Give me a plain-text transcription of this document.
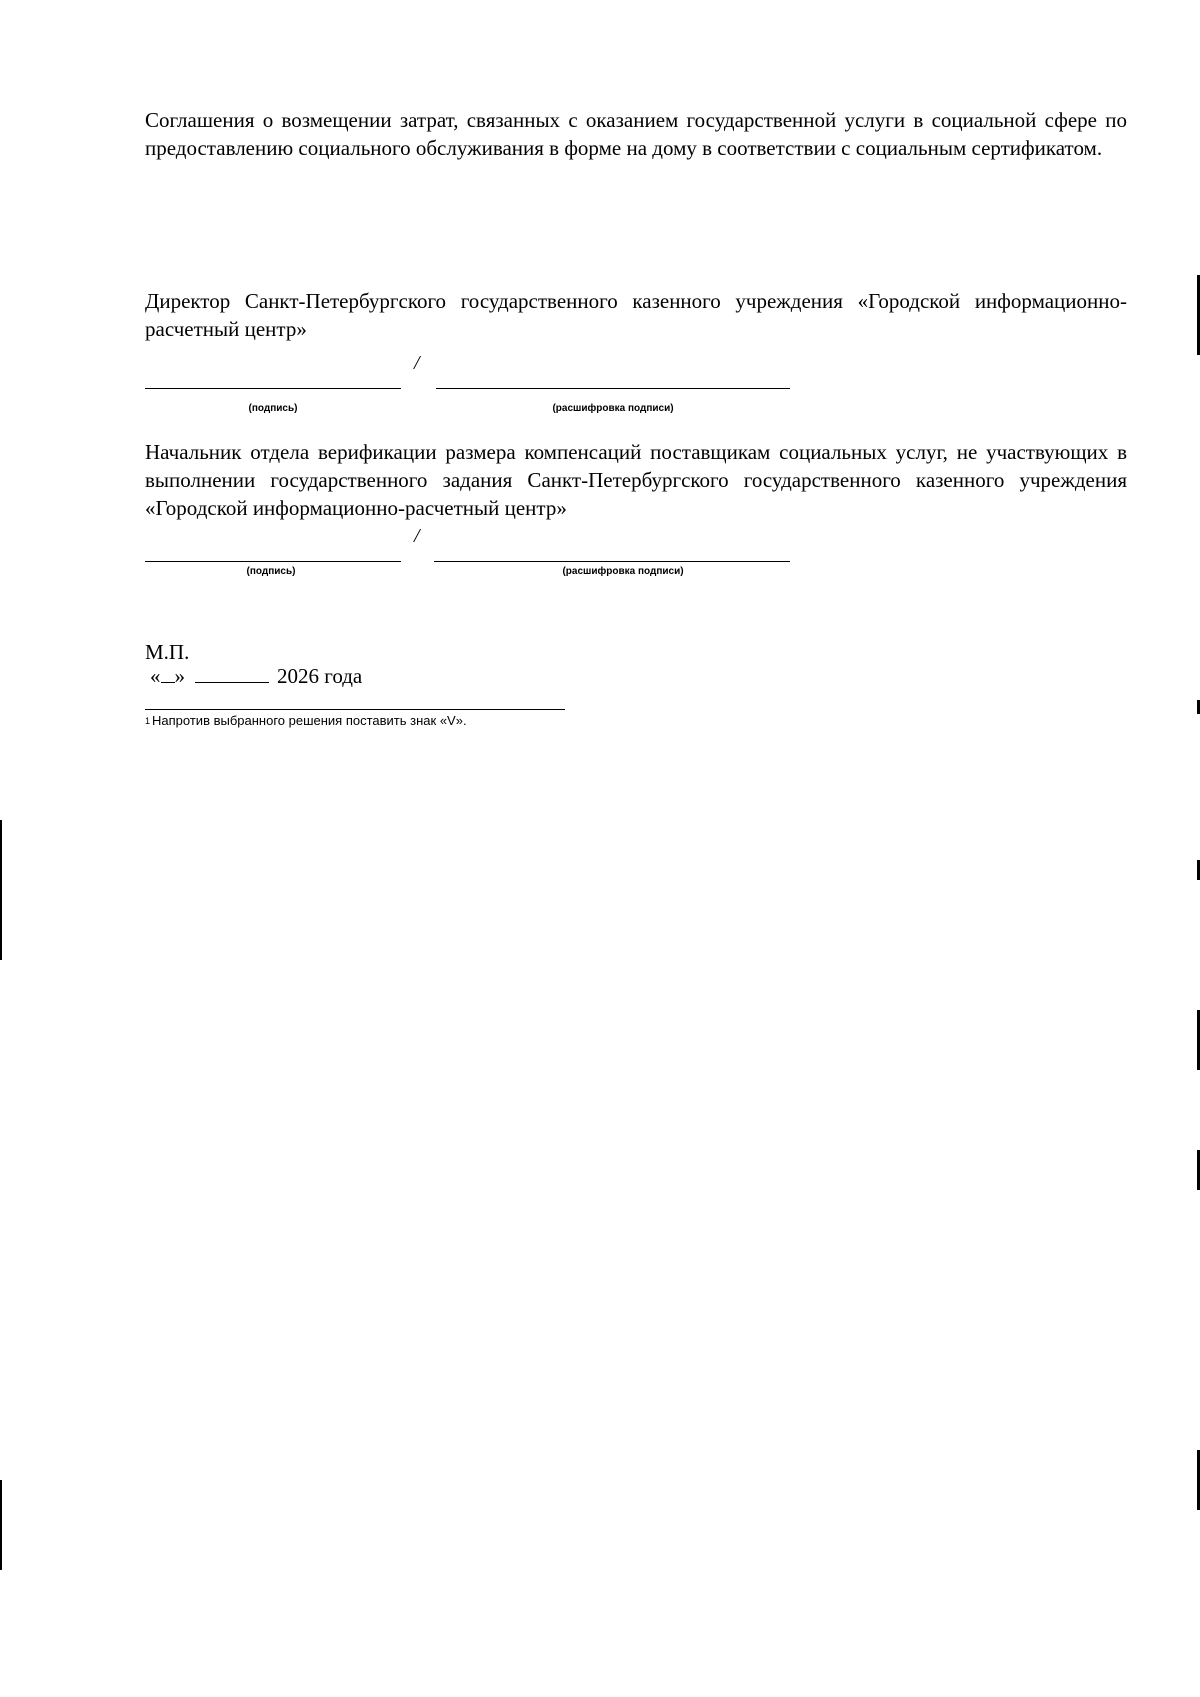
Соглашения о возмещении затрат, связанных с оказанием государственной услуги в социальной сфере по предоставлению социального обслуживания в форме на дому в соответствии с социальным сертификатом.
Директор Санкт-Петербургского государственного казенного учреждения «Городской информационно-расчетный центр»
/
(подпись)	(расшифровка подписи)
Начальник отдела верификации размера компенсаций поставщикам социальных услуг, не участвующих в выполнении государственного задания Санкт-Петербургского государственного казенного учреждения «Городской информационно-расчетный центр»
/
(подпись)	(расшифровка подписи)
М.П.
« »	2026 года
$^1$ Напротив выбранного решения поставить знак «V».
